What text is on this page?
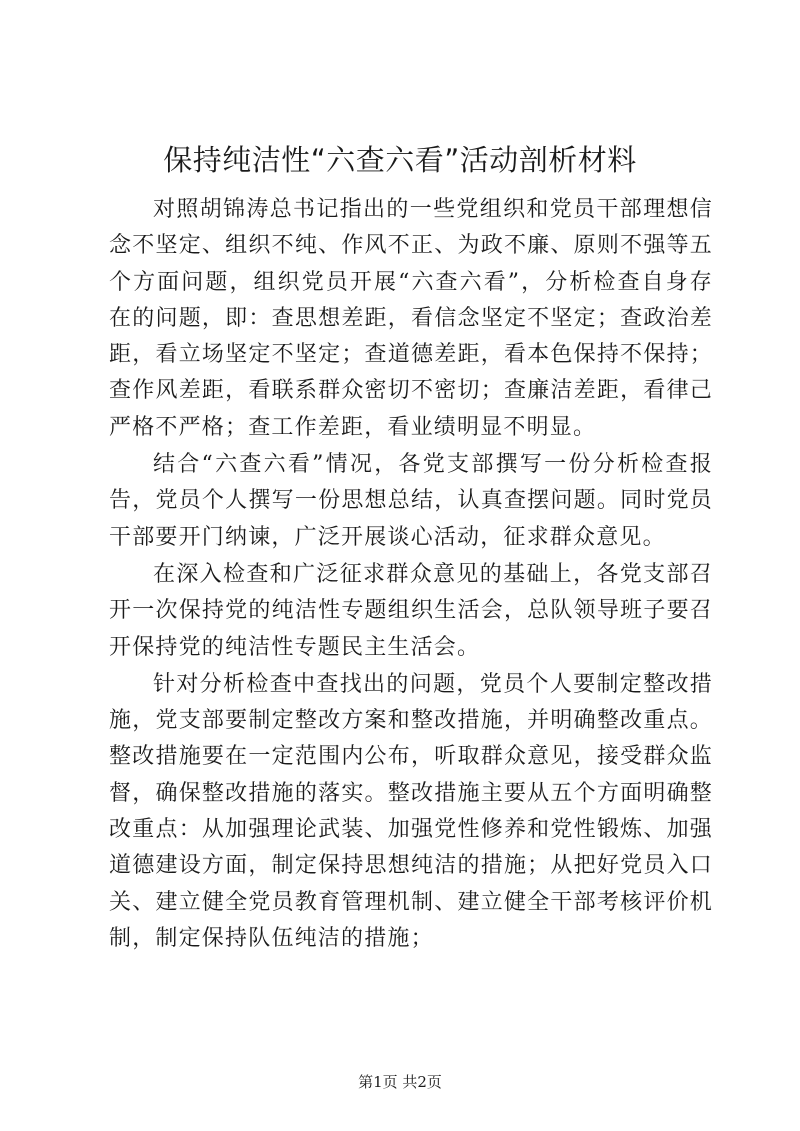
保持纯洁性“六查六看”活动剖析材料

对照胡锦涛总书记指出的一些党组织和党员干部理想信念不坚定、组织不纯、作风不正、为政不廉、原则不强等五个方面问题，组织党员开展“六查六看”，分析检查自身存在的问题，即：查思想差距，看信念坚定不坚定；查政治差距，看立场坚定不坚定；查道德差距，看本色保持不保持；查作风差距，看联系群众密切不密切；查廉洁差距，看律己严格不严格；查工作差距，看业绩明显不明显。

结合“六查六看”情况，各党支部撰写一份分析检查报告，党员个人撰写一份思想总结，认真查摆问题。同时党员干部要开门纳谏，广泛开展谈心活动，征求群众意见。

在深入检查和广泛征求群众意见的基础上，各党支部召开一次保持党的纯洁性专题组织生活会，总队领导班子要召开保持党的纯洁性专题民主生活会。

针对分析检查中查找出的问题，党员个人要制定整改措施，党支部要制定整改方案和整改措施，并明确整改重点。整改措施要在一定范围内公布，听取群众意见，接受群众监督，确保整改措施的落实。整改措施主要从五个方面明确整改重点：从加强理论武装、加强党性修养和党性锻炼、加强道德建设方面，制定保持思想纯洁的措施；从把好党员入口关、建立健全党员教育管理机制、建立健全干部考核评价机制，制定保持队伍纯洁的措施；

第1页 共2页
